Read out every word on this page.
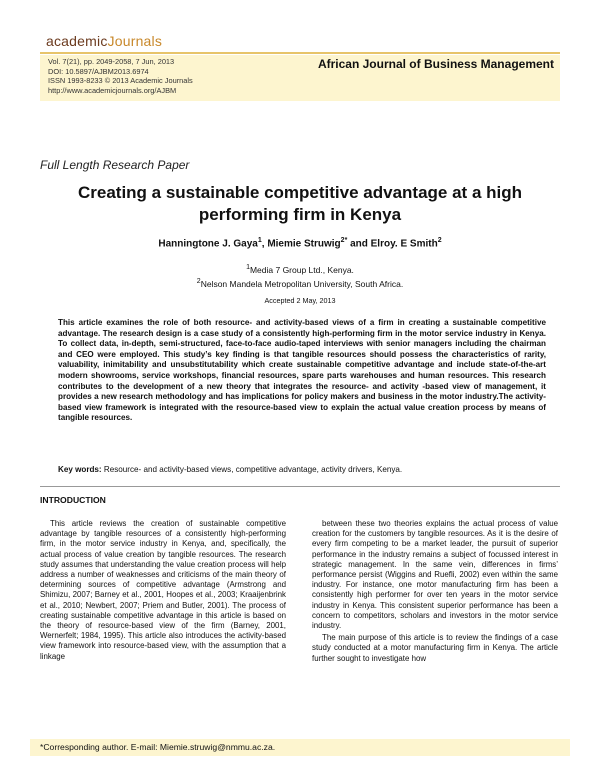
academicJournals
Vol. 7(21), pp. 2049-2058, 7 Jun, 2013
DOI: 10.5897/AJBM2013.6974
ISSN 1993-8233 © 2013 Academic Journals
http://www.academicjournals.org/AJBM
African Journal of Business Management
Full Length Research Paper
Creating a sustainable competitive advantage at a high performing firm in Kenya
Hanningtone J. Gaya$^1$, Miemie Struwig$^{2*}$ and Elroy. E Smith$^2$
$^1$Media 7 Group Ltd., Kenya.
$^2$Nelson Mandela Metropolitan University, South Africa.
Accepted 2 May, 2013
This article examines the role of both resource- and activity-based views of a firm in creating a sustainable competitive advantage. The research design is a case study of a consistently high-performing firm in the motor service industry in Kenya. To collect data, in-depth, semi-structured, face-to-face audio-taped interviews with senior managers including the chairman and CEO were employed. This study’s key finding is that tangible resources should possess the characteristics of rarity, valuability, inimitability and unsubstitutability which create sustainable competitive advantage and include state-of-the-art modern showrooms, service workshops, financial resources, spare parts warehouses and human resources. This research contributes to the development of a new theory that integrates the resource- and activity -based view of management, it provides a new research methodology and has implications for policy makers and business in the motor industry.The activity-based view framework is integrated with the resource-based view to explain the actual value creation process by means of tangible resources.
Key words: Resource- and activity-based views, competitive advantage, activity drivers, Kenya.
INTRODUCTION

This article reviews the creation of sustainable competitive advantage by tangible resources of a consistently high-performing firm, in the motor service industry in Kenya, and, specifically, the actual process of value creation by tangible resources. The research study assumes that understanding the value creation process will help address a number of weaknesses and criticisms of the main theory of determining sources of competitive advantage (Armstrong and Shimizu, 2007; Barney et al., 2001, Hoopes et al., 2003; Kraaijenbrink et al., 2010; Newbert, 2007; Priem and Butler, 2001). The process of creating sustainable competitive advantage in this article is based on the theory of resource-based view of the firm (Barney, 2001, Wernerfelt; 1984, 1995). This article also introduces the activity-based view framework into resource-based view, with the assumption that a linkage

between these two theories explains the actual process of value creation for the customers by tangible resources. As it is the desire of every firm competing to be a market leader, the pursuit of superior performance in the industry remains a subject of focussed interest in strategic management. In the same vein, differences in firms’ performance persist (Wiggins and Ruefli, 2002) even within the same industry. For instance, one motor manufacturing firm has been a consistently high performer for over ten years in the motor service industry in Kenya. This consistent superior performance has been a concern to competitors, scholars and investors in the motor service industry.

The main purpose of this article is to review the findings of a case study conducted at a motor manufacturing firm in Kenya. The article further sought to investigate how

*Corresponding author. E-mail: Miemie.struwig@nmmu.ac.za.
